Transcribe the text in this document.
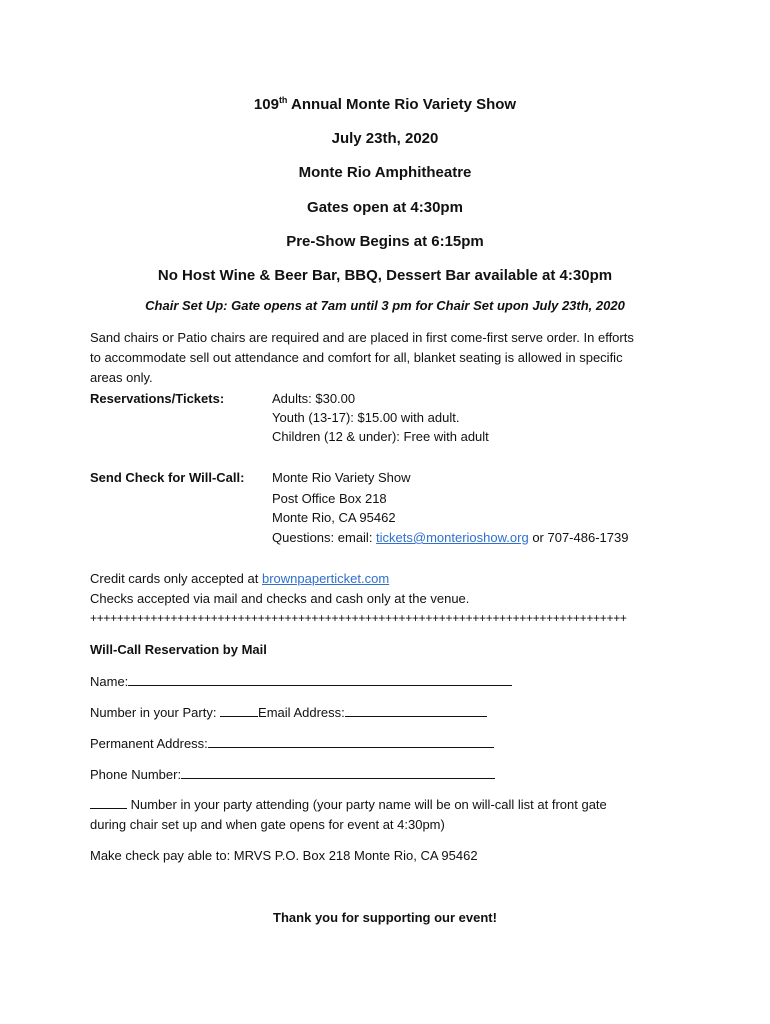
109th Annual Monte Rio Variety Show
July 23th, 2020
Monte Rio Amphitheatre
Gates open at 4:30pm
Pre-Show Begins at 6:15pm
No Host Wine & Beer Bar, BBQ, Dessert Bar available at 4:30pm
Chair Set Up: Gate opens at 7am until 3 pm for Chair Set upon July 23th, 2020
Sand chairs or Patio chairs are required and are placed in first come-first serve order. In efforts
to accommodate sell out attendance and comfort for all, blanket seating is allowed in specific
areas only.
Reservations/Tickets:	Adults: $30.00
Youth (13-17): $15.00 with adult.
Children (12 & under): Free with adult
Send Check for Will-Call: Monte Rio Variety Show
Post Office Box 218
Monte Rio, CA 95462
Questions: email: tickets@monterioshow.org or 707-486-1739
Credit cards only accepted at brownpaperticket.com
Checks accepted via mail and checks and cash only at the venue.
++++++++++++++++++++++++++++++++++++++++++++++++++++++++++++++++++++++++++++++++
Will-Call Reservation by Mail
Name:
Number in your Party:	Email Address:
Permanent Address:
Phone Number:
Number in your party attending (your party name will be on will-call list at front gate
during chair set up and when gate opens for event at 4:30pm)
Make check pay able to: MRVS P.O. Box 218 Monte Rio, CA 95462
Thank you for supporting our event!
